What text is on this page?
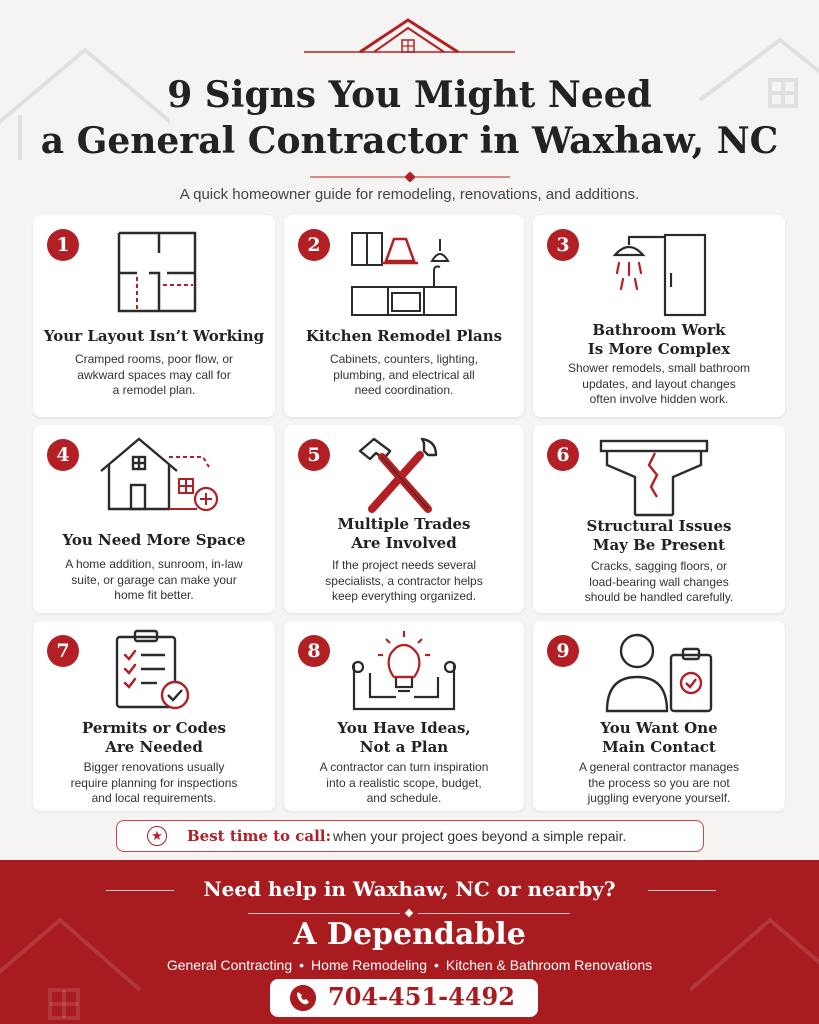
9 Signs You Might Need
a General Contractor in Waxhaw, NC
A quick homeowner guide for remodeling, renovations, and additions.
1
Your Layout Isn’t Working
Cramped rooms, poor flow, or
awkward spaces may call for
a remodel plan.
2
Kitchen Remodel Plans
Cabinets, counters, lighting,
plumbing, and electrical all
need coordination.
3
Bathroom Work
Is More Complex
Shower remodels, small bathroom
updates, and layout changes
often involve hidden work.
4
You Need More Space
A home addition, sunroom, in-law
suite, or garage can make your
home fit better.
5
Multiple Trades
Are Involved
If the project needs several
specialists, a contractor helps
keep everything organized.
6
Structural Issues
May Be Present
Cracks, sagging floors, or
load-bearing wall changes
should be handled carefully.
7
Permits or Codes
Are Needed
Bigger renovations usually
require planning for inspections
and local requirements.
8
You Have Ideas,
Not a Plan
A contractor can turn inspiration
into a realistic scope, budget,
and schedule.
9
You Want One
Main Contact
A general contractor manages
the process so you are not
juggling everyone yourself.
★ Best time to call: when your project goes beyond a simple repair.
Need help in Waxhaw, NC or nearby?
A Dependable
General Contracting • Home Remodeling • Kitchen & Bathroom Renovations
704-451-4492
